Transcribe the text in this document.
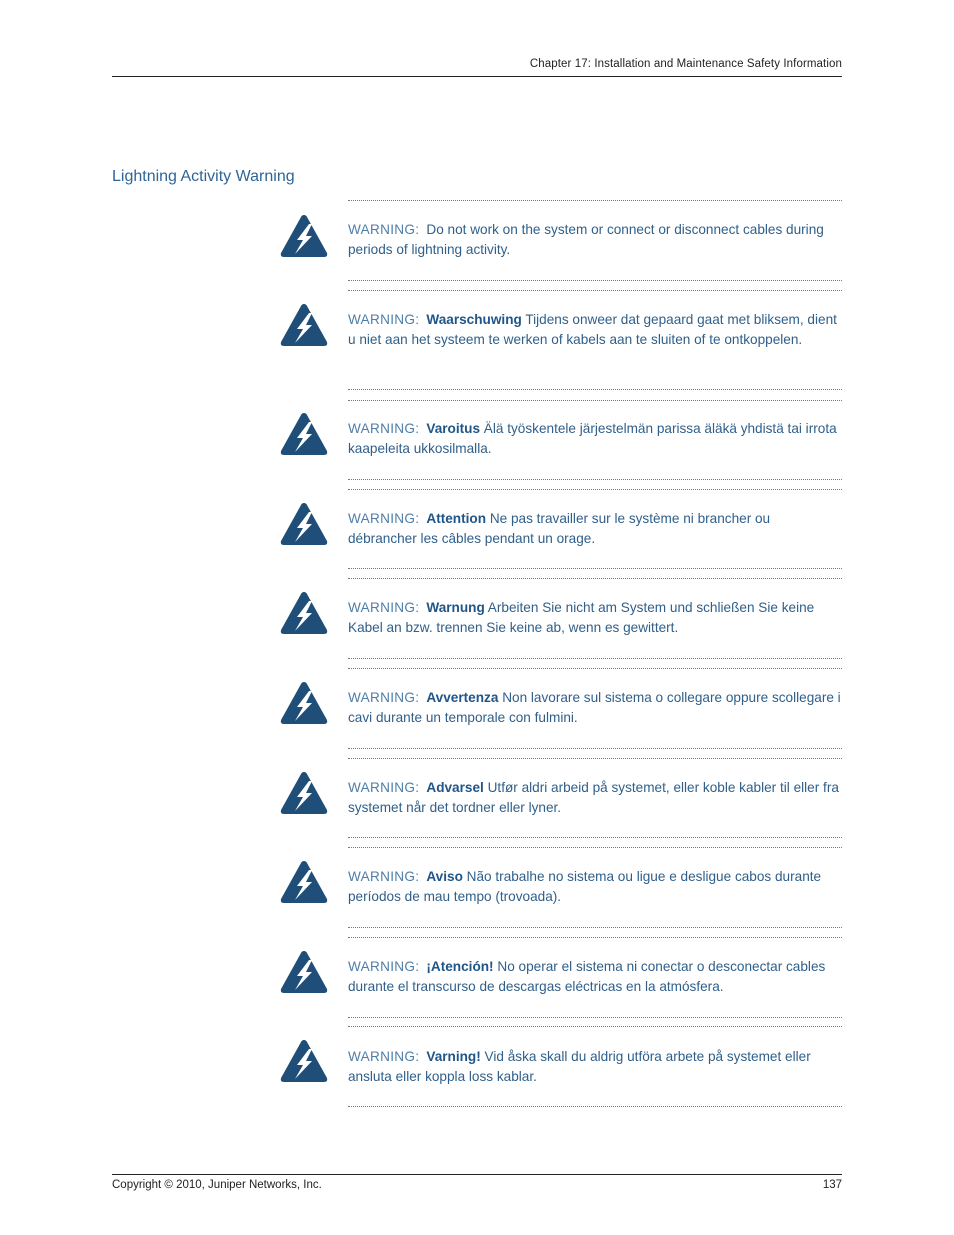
Chapter 17: Installation and Maintenance Safety Information
Lightning Activity Warning
WARNING: Do not work on the system or connect or disconnect cables during periods of lightning activity.
WARNING: Waarschuwing Tijdens onweer dat gepaard gaat met bliksem, dient u niet aan het systeem te werken of kabels aan te sluiten of te ontkoppelen.
WARNING: Varoitus Älä työskentele järjestelmän parissa äläkä yhdistä tai irrota kaapeleita ukkosilmalla.
WARNING: Attention Ne pas travailler sur le système ni brancher ou débrancher les câbles pendant un orage.
WARNING: Warnung Arbeiten Sie nicht am System und schließen Sie keine Kabel an bzw. trennen Sie keine ab, wenn es gewittert.
WARNING: Avvertenza Non lavorare sul sistema o collegare oppure scollegare i cavi durante un temporale con fulmini.
WARNING: Advarsel Utfør aldri arbeid på systemet, eller koble kabler til eller fra systemet når det tordner eller lyner.
WARNING: Aviso Não trabalhe no sistema ou ligue e desligue cabos durante períodos de mau tempo (trovoada).
WARNING: ¡Atención! No operar el sistema ni conectar o desconectar cables durante el transcurso de descargas eléctricas en la atmósfera.
WARNING: Varning! Vid åska skall du aldrig utföra arbete på systemet eller ansluta eller koppla loss kablar.
Copyright © 2010, Juniper Networks, Inc.	137
